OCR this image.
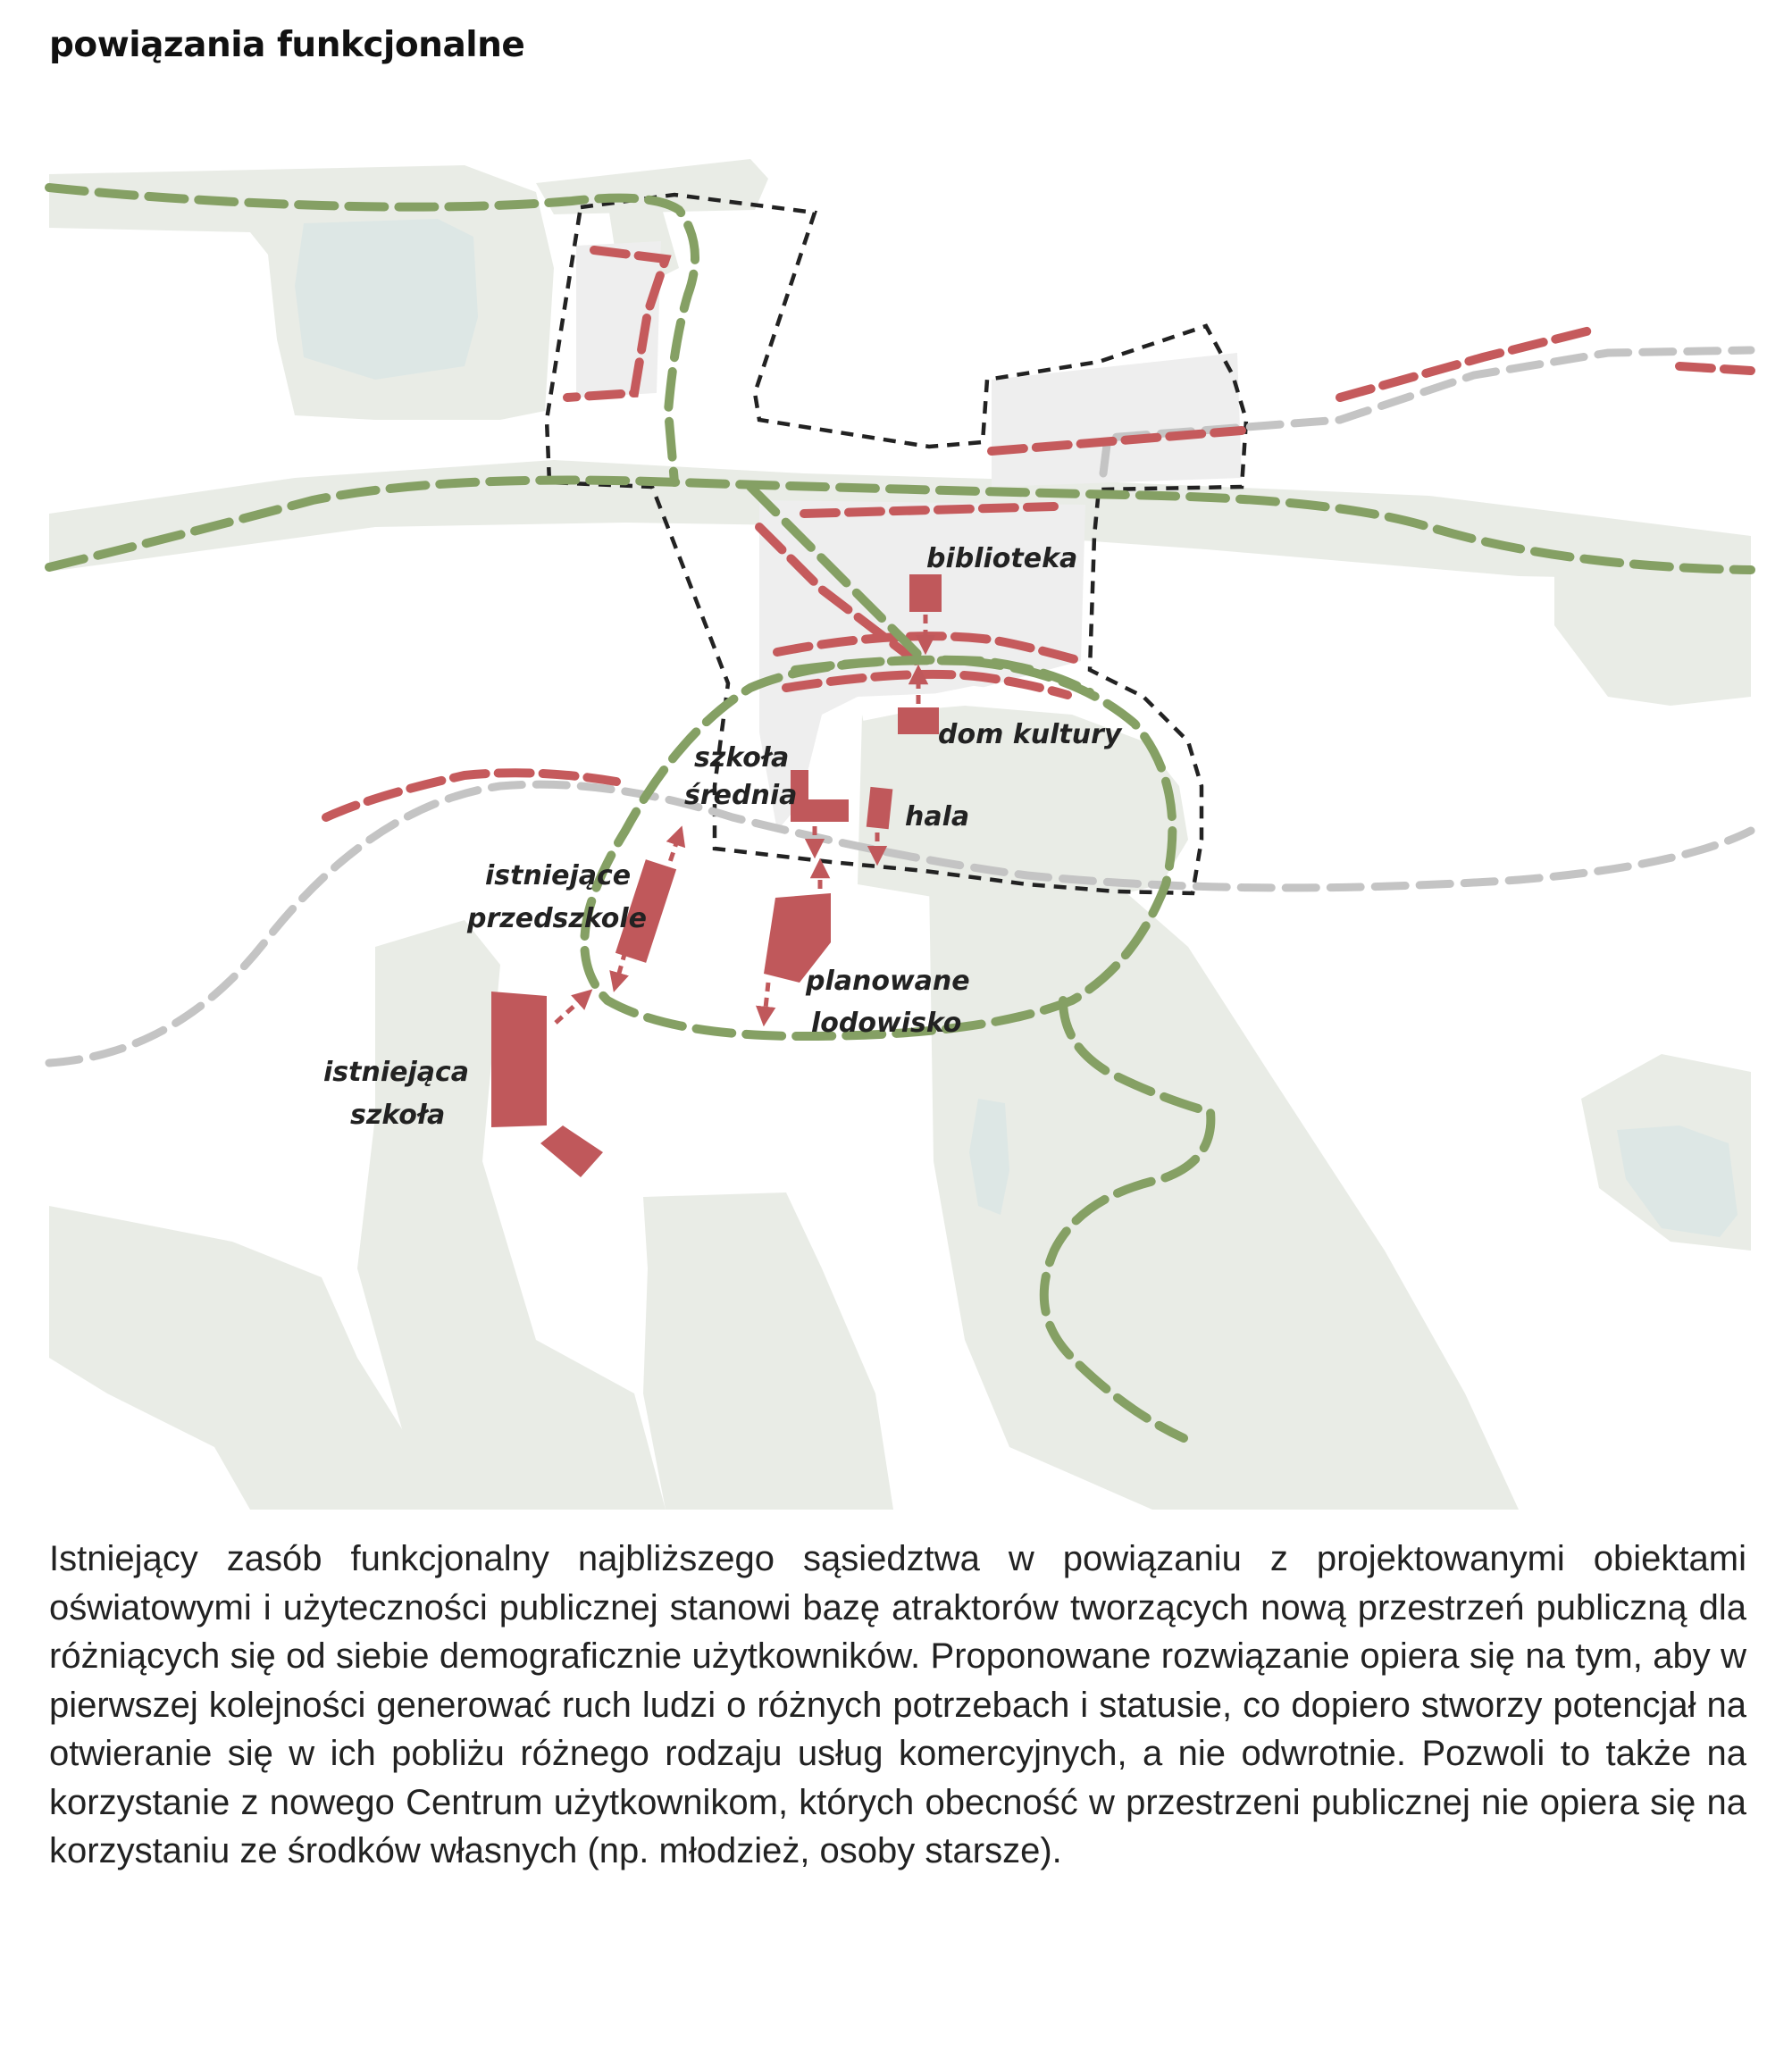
powiązania funkcjonalne
biblioteka
dom kultury
szkoła
średnia
hala
istniejące
przedszkole
planowane
lodowisko
istniejąca
szkoła

Istniejący zasób funkcjonalny najbliższego sąsiedztwa w powiązaniu z projektowanymi obiektami oświatowymi i użyteczności publicznej stanowi bazę atraktorów tworzących nową przestrzeń publiczną dla różniących się od siebie demograficznie użytkowników. Proponowane rozwiązanie opiera się na tym, aby w pierwszej kolejności generować ruch ludzi o różnych potrzebach i statusie, co dopiero stworzy potencjał na otwieranie się w ich pobliżu różnego rodzaju usług komercyjnych, a nie odwrotnie. Pozwoli to także na korzystanie z nowego Centrum użytkownikom, których obecność w przestrzeni publicznej nie opiera się na korzystaniu ze środków własnych (np. młodzież, osoby starsze).
